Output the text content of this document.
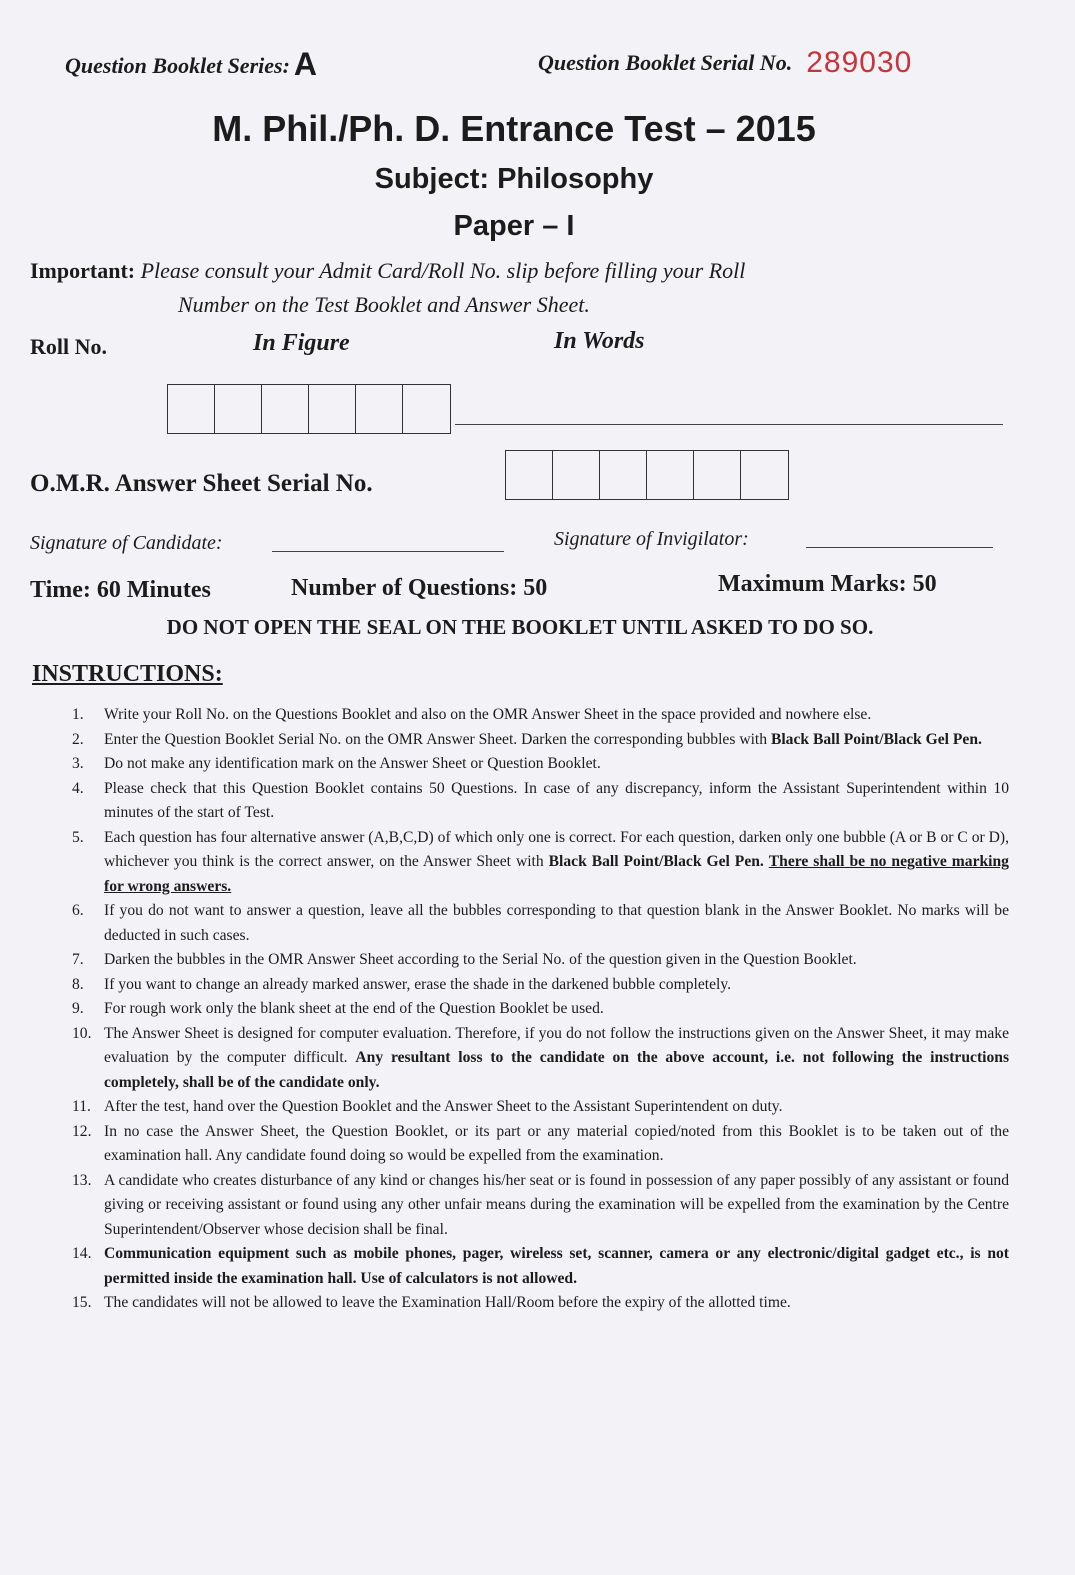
Question Booklet Series: A	Question Booklet Serial No. 289030
M. Phil./Ph. D. Entrance Test – 2015
Subject: Philosophy
Paper – I
Important: Please consult your Admit Card/Roll No. slip before filling your Roll
Number on the Test Booklet and Answer Sheet.
Roll No.	In Figure	In Words
O.M.R. Answer Sheet Serial No.
Signature of Candidate:	Signature of Invigilator:
Time: 60 Minutes	Number of Questions: 50	Maximum Marks: 50
DO NOT OPEN THE SEAL ON THE BOOKLET UNTIL ASKED TO DO SO.
INSTRUCTIONS:
1.	Write your Roll No. on the Questions Booklet and also on the OMR Answer Sheet in the space provided and nowhere else.
2.	Enter the Question Booklet Serial No. on the OMR Answer Sheet. Darken the corresponding bubbles with Black Ball Point/Black Gel Pen.
3.	Do not make any identification mark on the Answer Sheet or Question Booklet.
4.	Please check that this Question Booklet contains 50 Questions. In case of any discrepancy, inform the Assistant Superintendent within 10 minutes of the start of Test.
5.	Each question has four alternative answer (A,B,C,D) of which only one is correct. For each question, darken only one bubble (A or B or C or D), whichever you think is the correct answer, on the Answer Sheet with Black Ball Point/Black Gel Pen. There shall be no negative marking for wrong answers.
6.	If you do not want to answer a question, leave all the bubbles corresponding to that question blank in the Answer Booklet. No marks will be deducted in such cases.
7.	Darken the bubbles in the OMR Answer Sheet according to the Serial No. of the question given in the Question Booklet.
8.	If you want to change an already marked answer, erase the shade in the darkened bubble completely.
9.	For rough work only the blank sheet at the end of the Question Booklet be used.
10. The Answer Sheet is designed for computer evaluation. Therefore, if you do not follow the instructions given on the Answer Sheet, it may make evaluation by the computer difficult. Any resultant loss to the candidate on the above account, i.e. not following the instructions completely, shall be of the candidate only.
11. After the test, hand over the Question Booklet and the Answer Sheet to the Assistant Superintendent on duty.
12. In no case the Answer Sheet, the Question Booklet, or its part or any material copied/noted from this Booklet is to be taken out of the examination hall. Any candidate found doing so would be expelled from the examination.
13. A candidate who creates disturbance of any kind or changes his/her seat or is found in possession of any paper possibly of any assistant or found giving or receiving assistant or found using any other unfair means during the examination will be expelled from the examination by the Centre Superintendent/Observer whose decision shall be final.
14. Communication equipment such as mobile phones, pager, wireless set, scanner, camera or any electronic/digital gadget etc., is not permitted inside the examination hall. Use of calculators is not allowed.
15. The candidates will not be allowed to leave the Examination Hall/Room before the expiry of the allotted time.
